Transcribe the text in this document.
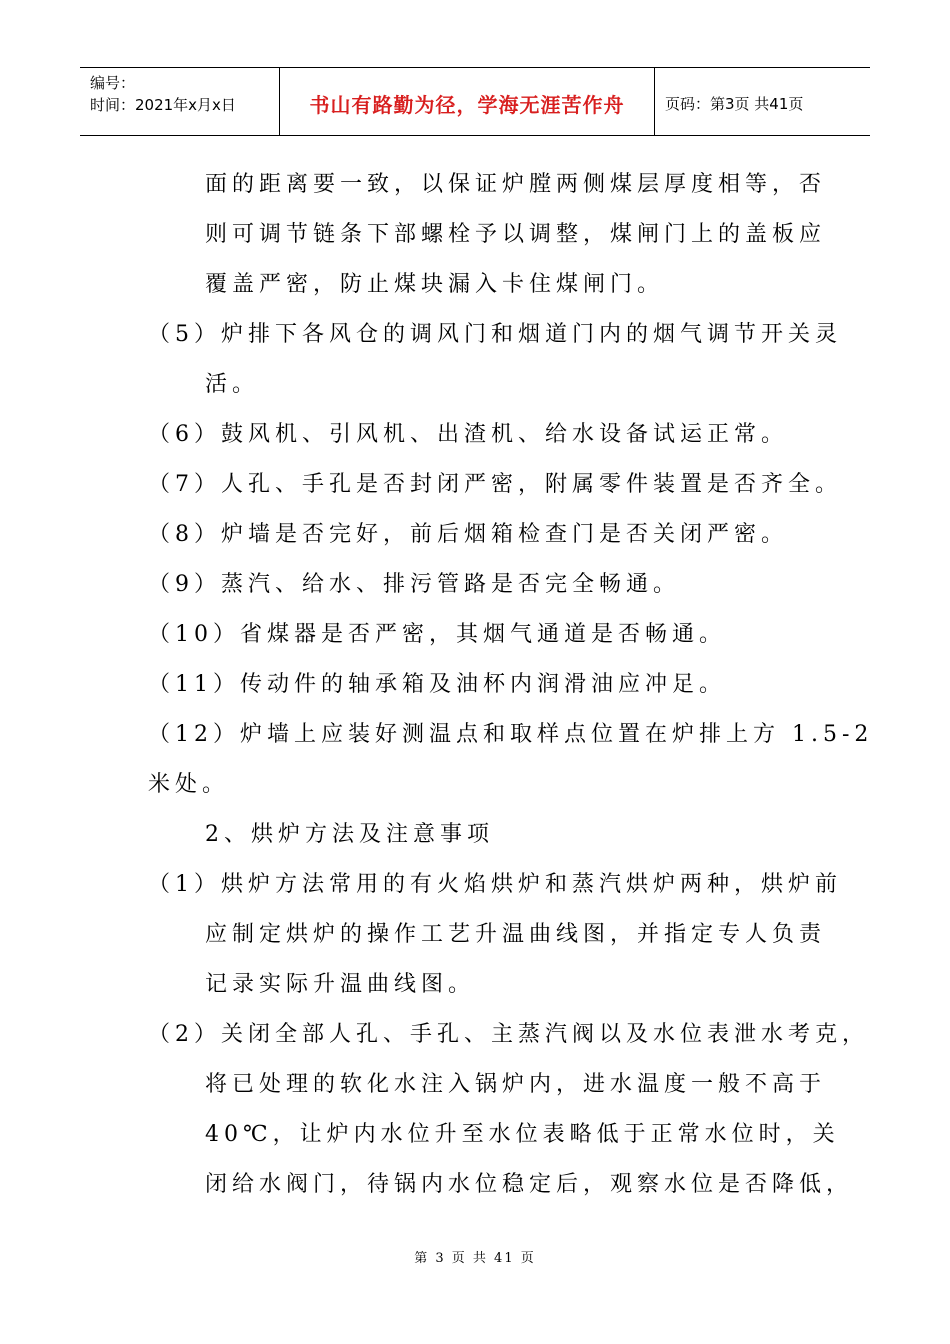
编号：
时间：2021年x月x日	书山有路勤为径，学海无涯苦作舟	页码：第3页 共41页
面的距离要一致，以保证炉膛两侧煤层厚度相等，否
则可调节链条下部螺栓予以调整，煤闸门上的盖板应
覆盖严密，防止煤块漏入卡住煤闸门。
（5）炉排下各风仓的调风门和烟道门内的烟气调节开关灵
活。
（6）鼓风机、引风机、出渣机、给水设备试运正常。
（7）人孔、手孔是否封闭严密，附属零件装置是否齐全。
（8）炉墙是否完好，前后烟箱检查门是否关闭严密。
（9）蒸汽、给水、排污管路是否完全畅通。
（10）省煤器是否严密，其烟气通道是否畅通。
（11）传动件的轴承箱及油杯内润滑油应冲足。
（12）炉墙上应装好测温点和取样点位置在炉排上方 1.5-2
米处。
2、烘炉方法及注意事项
（1）烘炉方法常用的有火焰烘炉和蒸汽烘炉两种，烘炉前
应制定烘炉的操作工艺升温曲线图，并指定专人负责
记录实际升温曲线图。
（2）关闭全部人孔、手孔、主蒸汽阀以及水位表泄水考克，
将已处理的软化水注入锅炉内，进水温度一般不高于
40℃，让炉内水位升至水位表略低于正常水位时，关
闭给水阀门，待锅内水位稳定后，观察水位是否降低，
第 3 页 共 41 页
